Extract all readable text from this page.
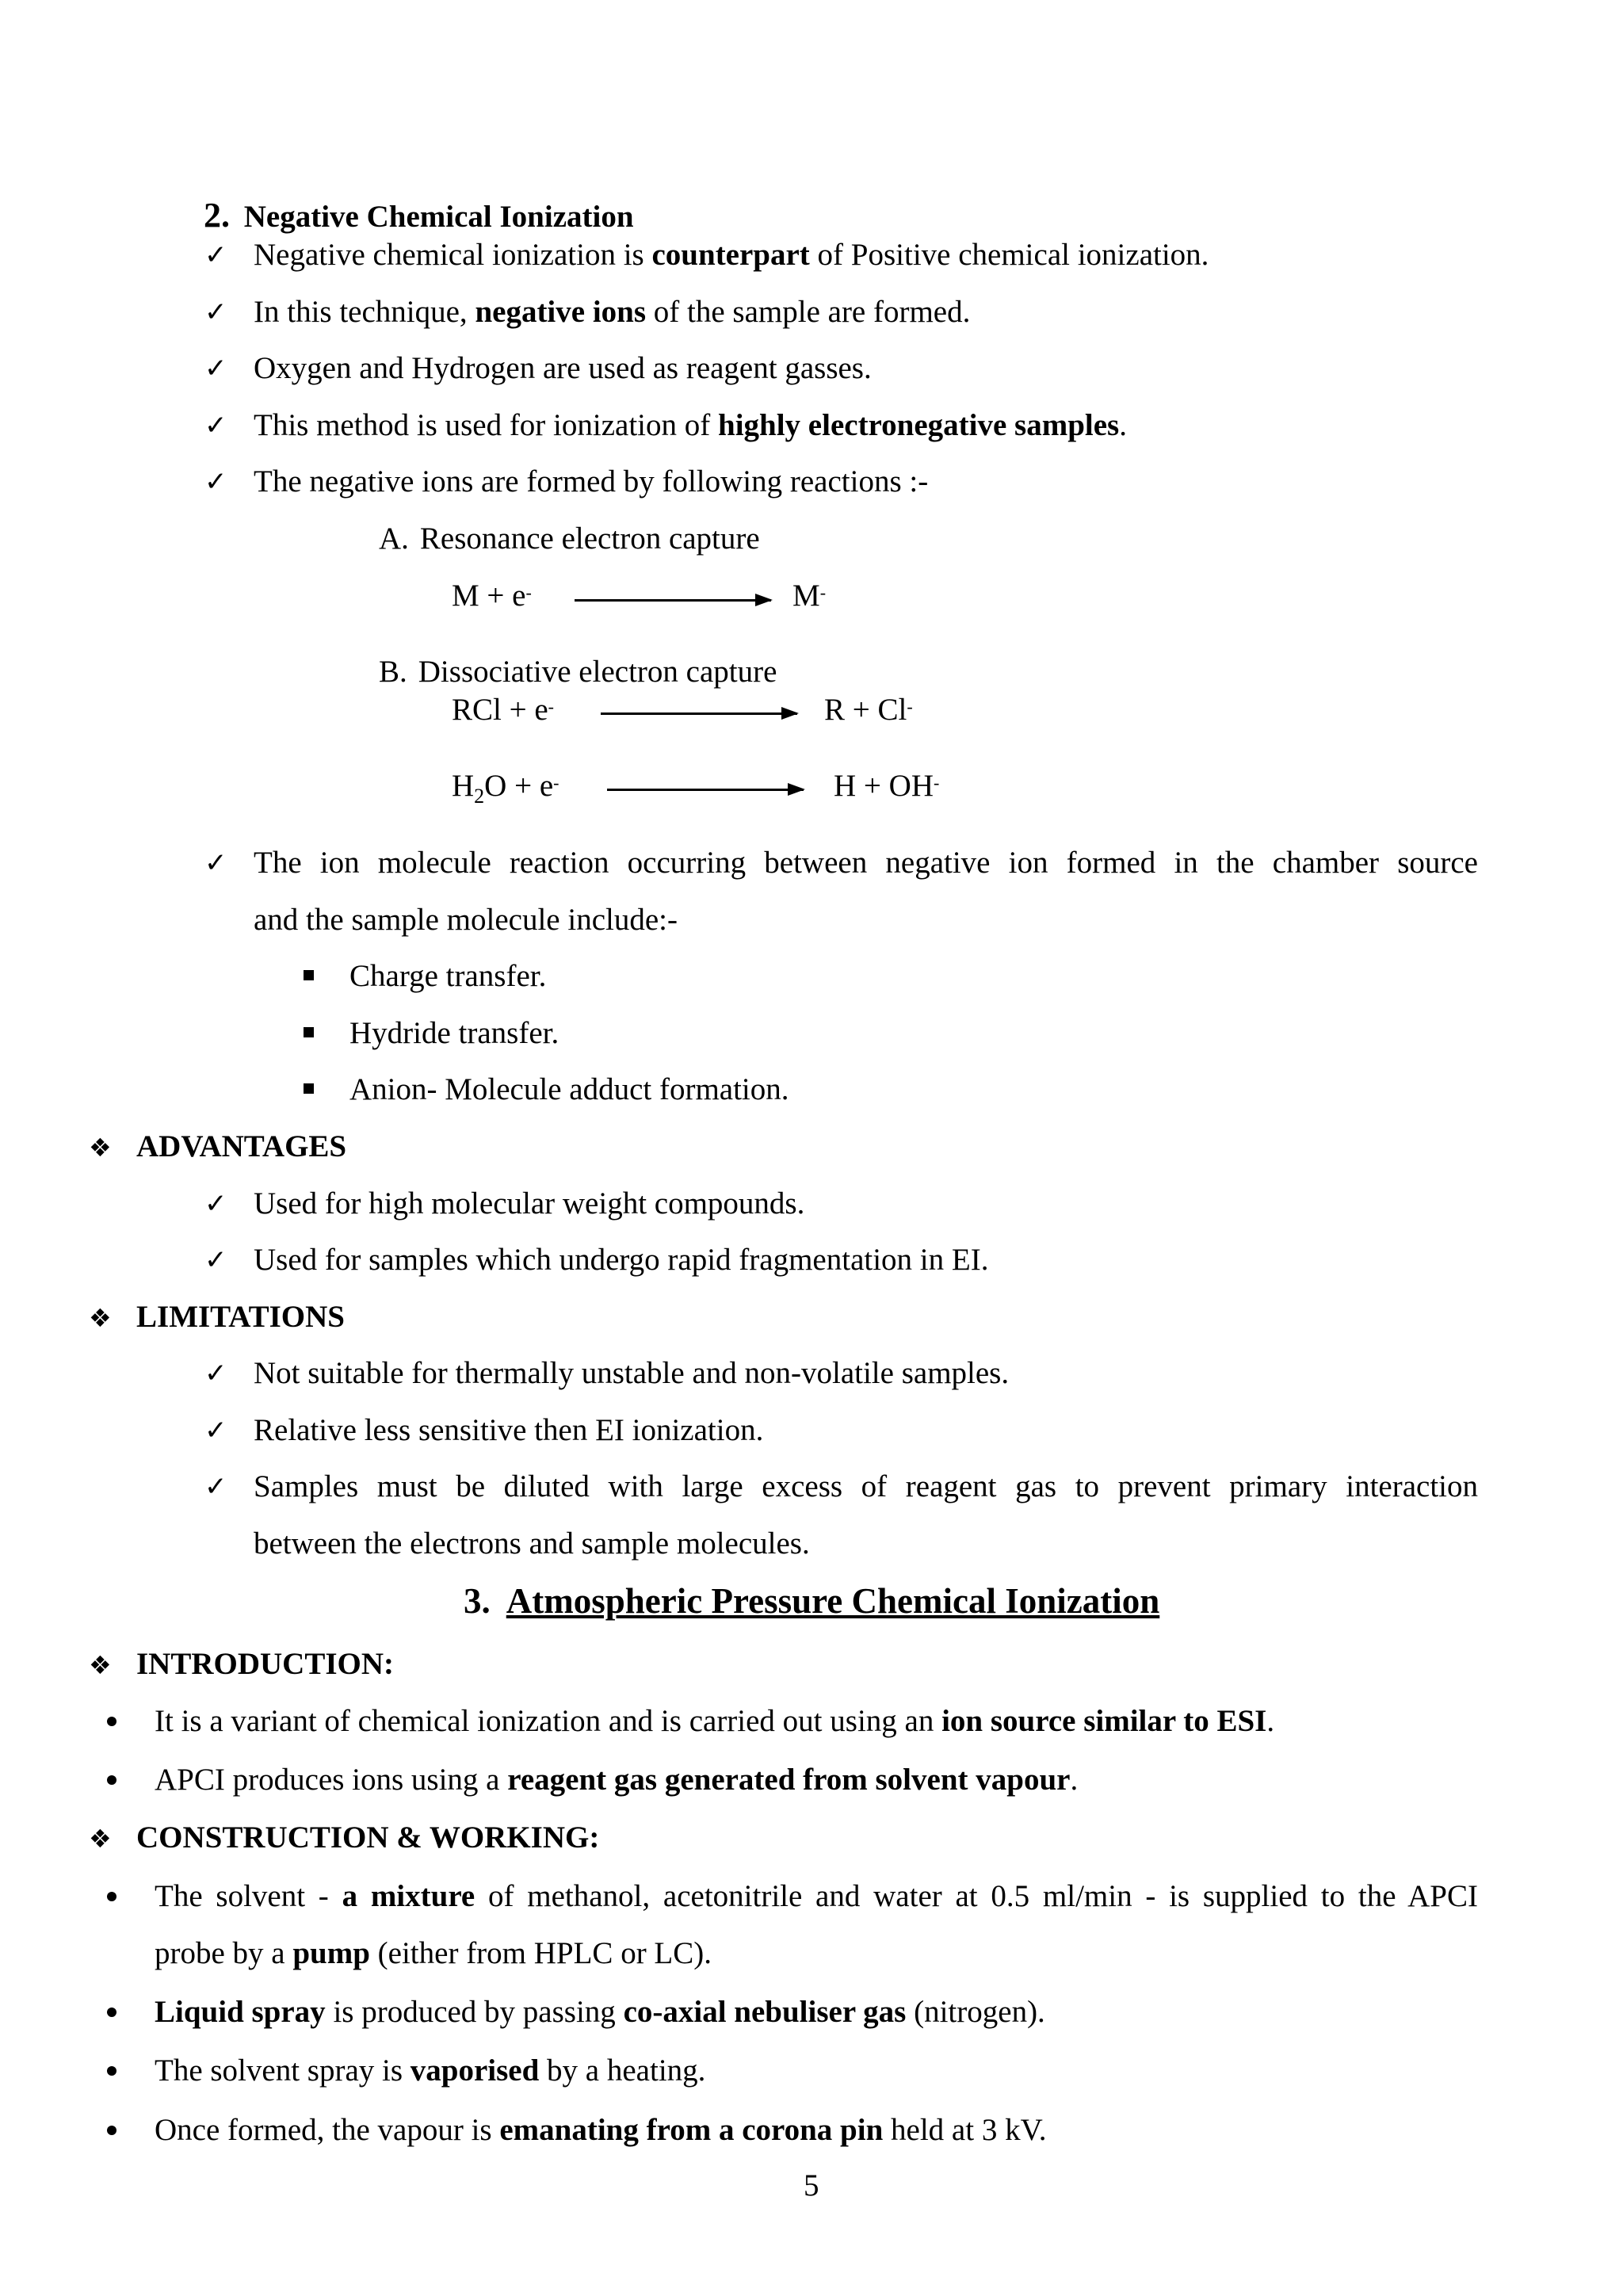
2. Negative Chemical Ionization
✓ Negative chemical ionization is counterpart of Positive chemical ionization.
✓ In this technique, negative ions of the sample are formed.
✓ Oxygen and Hydrogen are used as reagent gasses.
✓ This method is used for ionization of highly electronegative samples.
✓ The negative ions are formed by following reactions :-
A. Resonance electron capture
M + e-	M-
B. Dissociative electron capture
RCl + e-	R + Cl-
$H_2O + e^-$	H + OH-
✓ The ion molecule reaction occurring between negative ion formed in the chamber source
and the sample molecule include:-
Charge transfer.
Hydride transfer.
Anion- Molecule adduct formation.
❖ ADVANTAGES
✓ Used for high molecular weight compounds.
✓ Used for samples which undergo rapid fragmentation in EI.
❖ LIMITATIONS
✓ Not suitable for thermally unstable and non-volatile samples.
✓ Relative less sensitive then EI ionization.
✓ Samples must be diluted with large excess of reagent gas to prevent primary interaction
between the electrons and sample molecules.
3. Atmospheric Pressure Chemical Ionization
❖ INTRODUCTION:
It is a variant of chemical ionization and is carried out using an ion source similar to ESI.
APCI produces ions using a reagent gas generated from solvent vapour.
❖ CONSTRUCTION & WORKING:
The solvent - a mixture of methanol, acetonitrile and water at 0.5 ml/min - is supplied to the APCI
probe by a pump (either from HPLC or LC).
Liquid spray is produced by passing co-axial nebuliser gas (nitrogen).
The solvent spray is vaporised by a heating.
Once formed, the vapour is emanating from a corona pin held at 3 kV.
5
